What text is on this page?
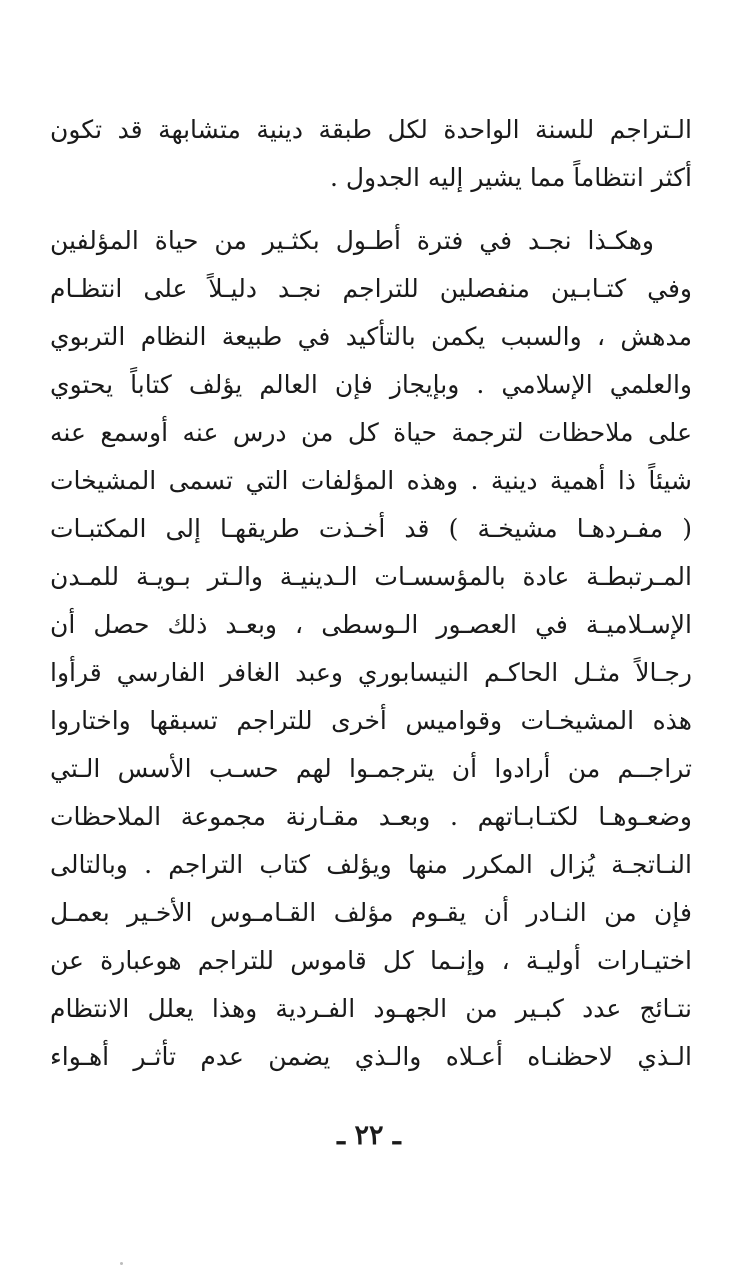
الـتراجم للسنة الواحدة لكل طبقة دينية متشابهة قد تكون
أكثر انتظاماً مما يشير إليه الجدول .
وهكـذا نجـد في فترة أطـول بكثـير من حياة المؤلفين
وفي كتـابـين منفصلين للتراجم نجـد دليـلاً على انتظـام
مدهش ، والسبب يكمن بالتأكيد في طبيعة النظام التربوي
والعلمي الإسلامي . وبإيجاز فإن العالم يؤلف كتاباً يحتوي
على ملاحظات لترجمة حياة كل من درس عنه أوسمع عنه
شيئاً ذا أهمية دينية . وهذه المؤلفات التي تسمى المشيخات
( مفـردهـا مشيخـة ) قد أخـذت طريقهـا إلى المكتبـات
المـرتبطـة عادة بالمؤسسـات الـدينيـة والـتر بـويـة للمـدن
الإسـلاميـة في العصـور الـوسطى ، وبعـد ذلك حصل أن
رجـالاً مثـل الحاكـم النيسابوري وعبد الغافر الفارسي قرأوا
هذه المشيخـات وقواميس أخرى للتراجم تسبقها واختاروا
تراجــم من أرادوا أن يترجمـوا لهم حسـب الأسس الـتي
وضعـوهـا لكتـابـاتهم . وبعـد مقـارنة مجموعة الملاحظات
النـاتجـة يُزال المكرر منها ويؤلف كتاب التراجم . وبالتالى
فإن من النـادر أن يقـوم مؤلف القـامـوس الأخـير بعمـل
اختيـارات أوليـة ، وإنـما كل قاموس للتراجم هوعبارة عن
نتـائج عدد كبـير من الجهـود الفـردية وهذا يعلل الانتظام
الـذي لاحظنـاه أعـلاه والـذي يضمن عدم تأثـر أهـواء
ـ ٢٢ ـ
